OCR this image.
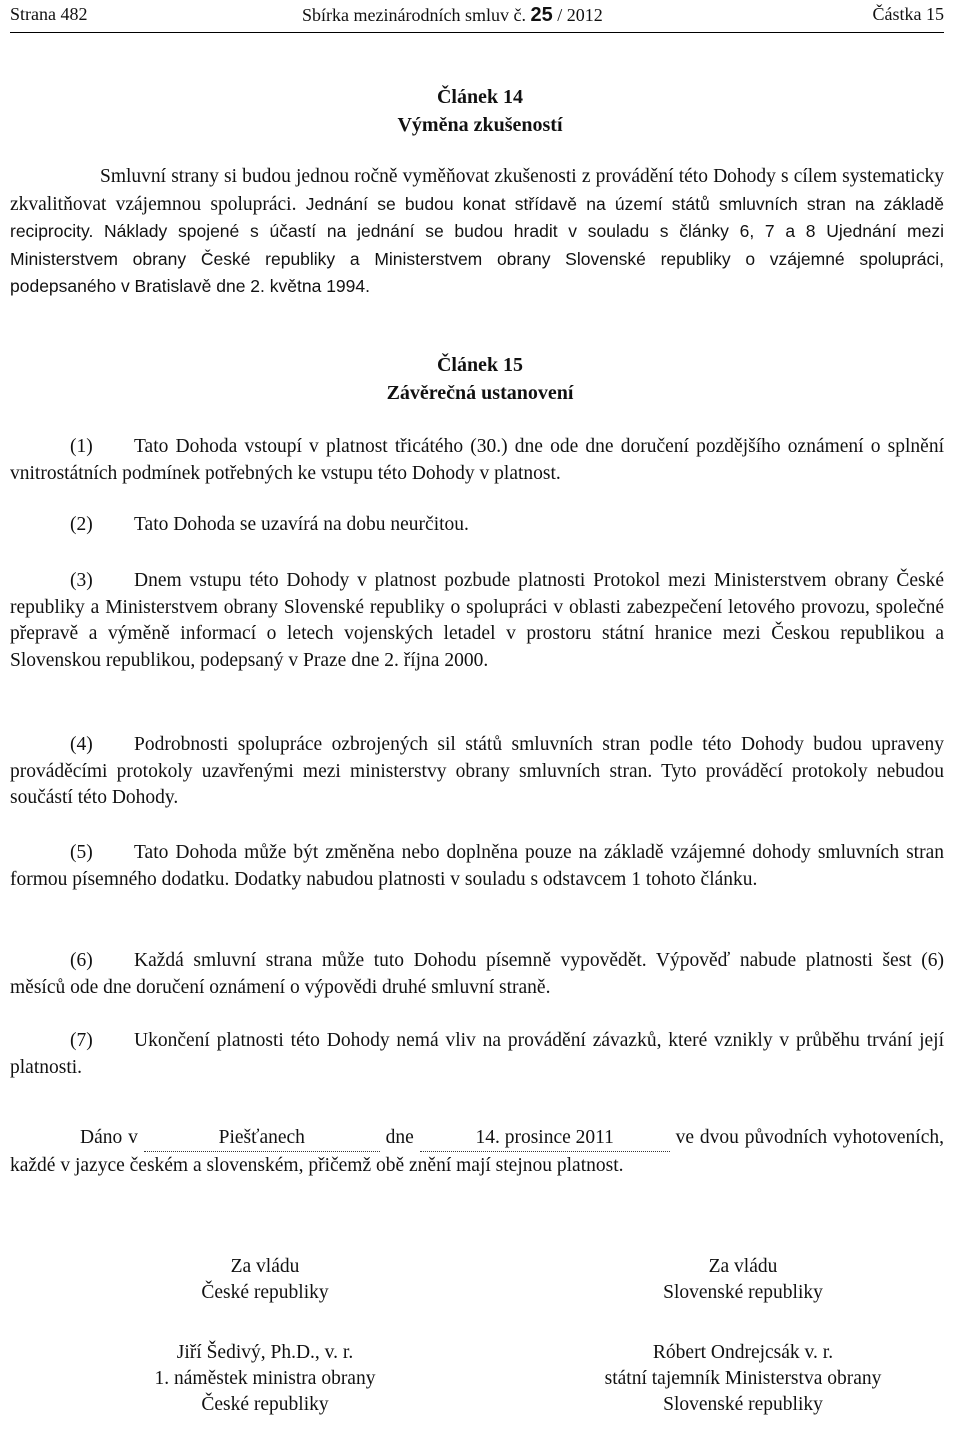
Strana 482	Sbírka mezinárodních smluv č. 25 / 2012	Částka 15
Článek 14
Výměna zkušeností

Smluvní strany si budou jednou ročně vyměňovat zkušenosti z provádění této Dohody s cílem systematicky zkvalitňovat vzájemnou spolupráci. Jednání se budou konat střídavě na území států smluvních stran na základě reciprocity. Náklady spojené s účastí na jednání se budou hradit v souladu s články 6, 7 a 8 Ujednání mezi Ministerstvem obrany České republiky a Ministerstvem obrany Slovenské republiky o vzájemné spolupráci, podepsaného v Bratislavě dne 2. května 1994.

Článek 15
Závěrečná ustanovení

(1) Tato Dohoda vstoupí v platnost třicátého (30.) dne ode dne doručení pozdějšího oznámení o splnění vnitrostátních podmínek potřebných ke vstupu této Dohody v platnost.

(2) Tato Dohoda se uzavírá na dobu neurčitou.

(3) Dnem vstupu této Dohody v platnost pozbude platnosti Protokol mezi Ministerstvem obrany České republiky a Ministerstvem obrany Slovenské republiky o spolupráci v oblasti zabezpečení letového provozu, společné přepravě a výměně informací o letech vojenských letadel v prostoru státní hranice mezi Českou republikou a Slovenskou republikou, podepsaný v Praze dne 2. října 2000.

(4) Podrobnosti spolupráce ozbrojených sil států smluvních stran podle této Dohody budou upraveny prováděcími protokoly uzavřenými mezi ministerstvy obrany smluvních stran. Tyto prováděcí protokoly nebudou součástí této Dohody.

(5) Tato Dohoda může být změněna nebo doplněna pouze na základě vzájemné dohody smluvních stran formou písemného dodatku. Dodatky nabudou platnosti v souladu s odstavcem 1 tohoto článku.

(6) Každá smluvní strana může tuto Dohodu písemně vypovědět. Výpověď nabude platnosti šest (6) měsíců ode dne doručení oznámení o výpovědi druhé smluvní straně.

(7) Ukončení platnosti této Dohody nemá vliv na provádění závazků, které vznikly v průběhu trvání její platnosti.

Dáno v	Piešťanech	dne	14. prosince 2011	ve dvou původních vyhotoveních, každé v jazyce českém a slovenském, přičemž obě znění mají stejnou platnost.

Za vládu
České republiky
Jiří Šedivý, Ph.D., v. r.
1. náměstek ministra obrany
České republiky
Za vládu
Slovenské republiky
Róbert Ondrejcsák v. r.
státní tajemník Ministerstva obrany
Slovenské republiky
